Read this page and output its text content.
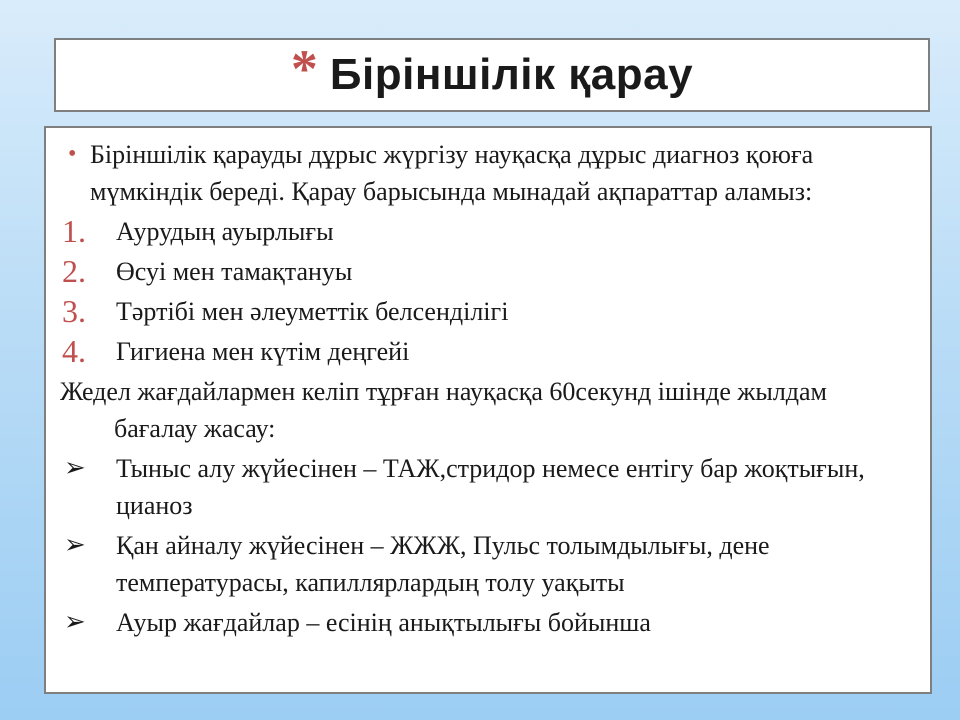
* Біріншілік қарау
• Біріншілік қарауды дұрыс жүргізу науқасқа дұрыс диагноз қоюға мүмкіндік береді. Қарау барысында мынадай ақпараттар аламыз:
1. Аурудың ауырлығы
2. Өсуі мен тамақтануы
3. Тәртібі мен әлеуметтік белсенділігі
4. Гигиена мен күтім деңгейі
Жедел жағдайлармен келіп тұрған науқасқа 60секунд ішінде жылдам бағалау жасау:
➢ Тыныс алу жүйесінен – ТАЖ,стридор немесе ентігу бар жоқтығын, цианоз
➢ Қан айналу жүйесінен – ЖЖЖ, Пульс толымдылығы, дене температурасы, капиллярлардың толу уақыты
➢ Ауыр жағдайлар – есінің анықтылығы бойынша
